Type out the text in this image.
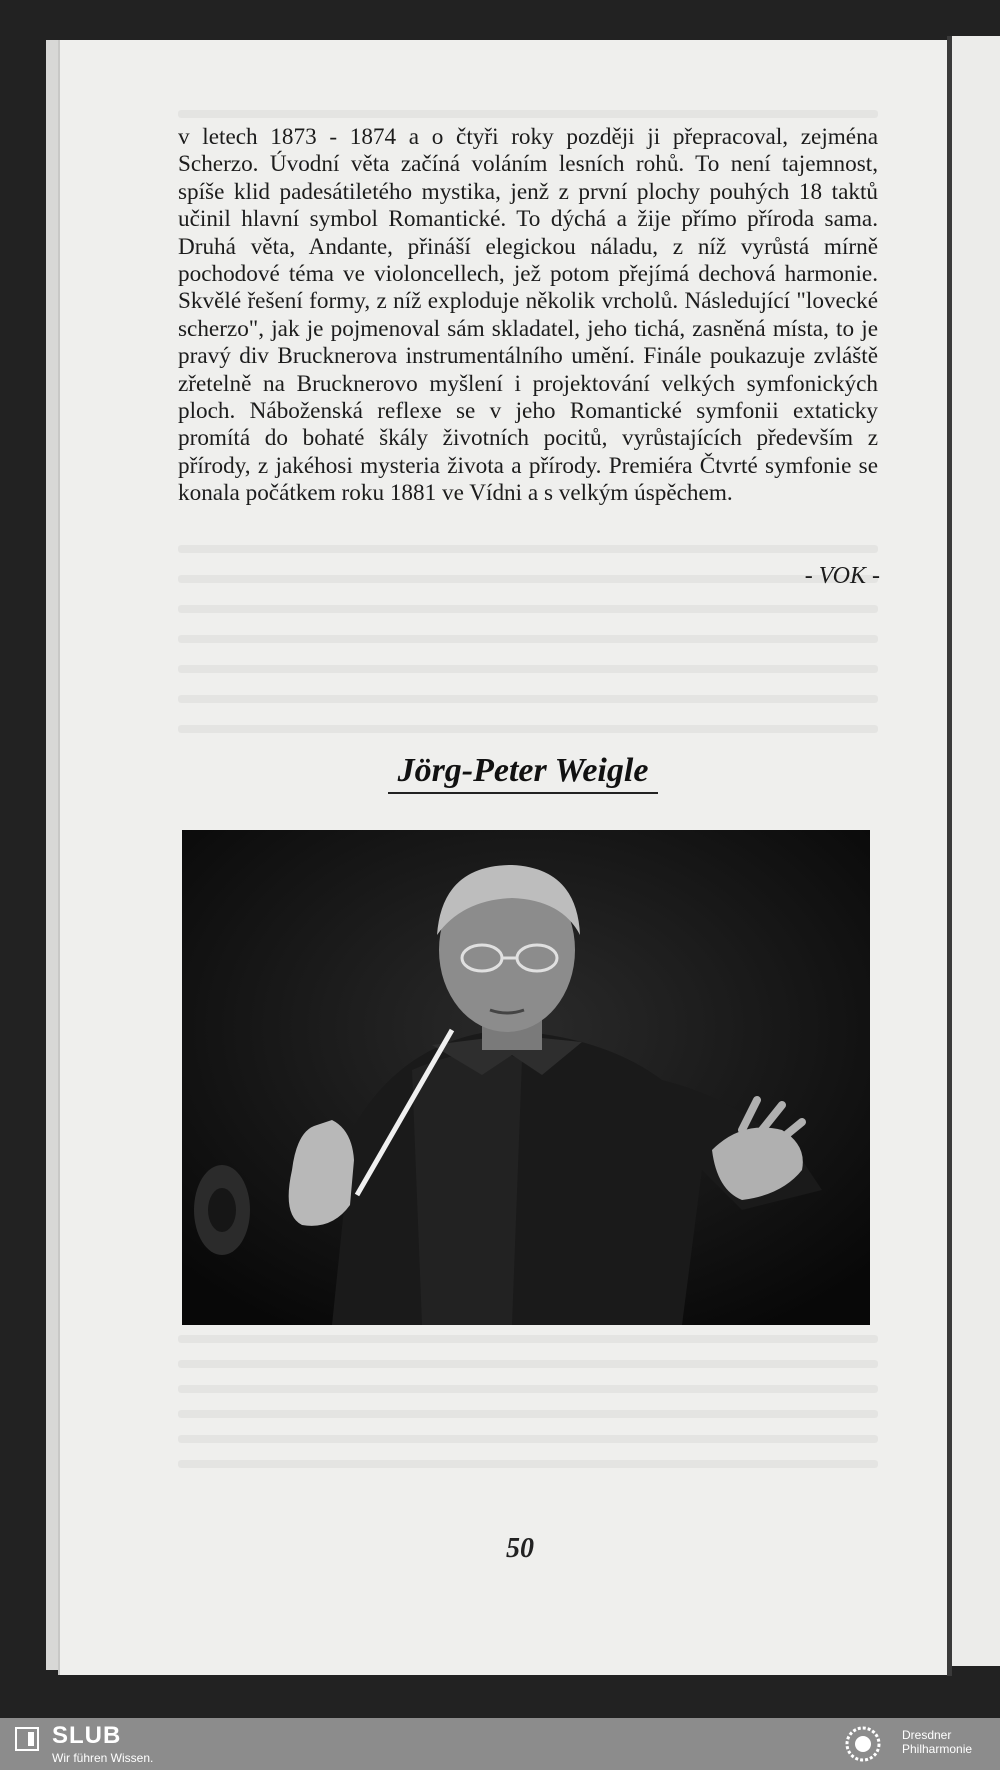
v letech 1873 - 1874 a o čtyři roky později ji přepracoval, zejména Scherzo. Úvodní věta začíná voláním lesních rohů. To není tajemnost, spíše klid padesátiletého mystika, jenž z první plochy pouhých 18 taktů učinil hlavní symbol Romantické. To dýchá a žije přímo příroda sama. Druhá věta, Andante, přináší elegickou náladu, z níž vyrůstá mírně pochodové téma ve violoncellech, jež potom přejímá dechová harmonie. Skvělé řešení formy, z níž exploduje několik vrcholů. Následující "lovecké scherzo", jak je pojmenoval sám skladatel, jeho tichá, zasněná místa, to je pravý div Brucknerova instrumentálního umění. Finále poukazuje zvláště zřetelně na Brucknerovo myšlení i projektování velkých symfonických ploch. Náboženská reflexe se v jeho Romantické symfonii extaticky promítá do bohaté škály životních pocitů, vyrůstajících především z přírody, z jakéhosi mysteria života a přírody. Premiéra Čtvrté symfonie se konala počátkem roku 1881 ve Vídni a s velkým úspěchem.

- VOK -
Jörg-Peter Weigle
50
SLUB
Wir führen Wissen.
Dresdner
Philharmonie
